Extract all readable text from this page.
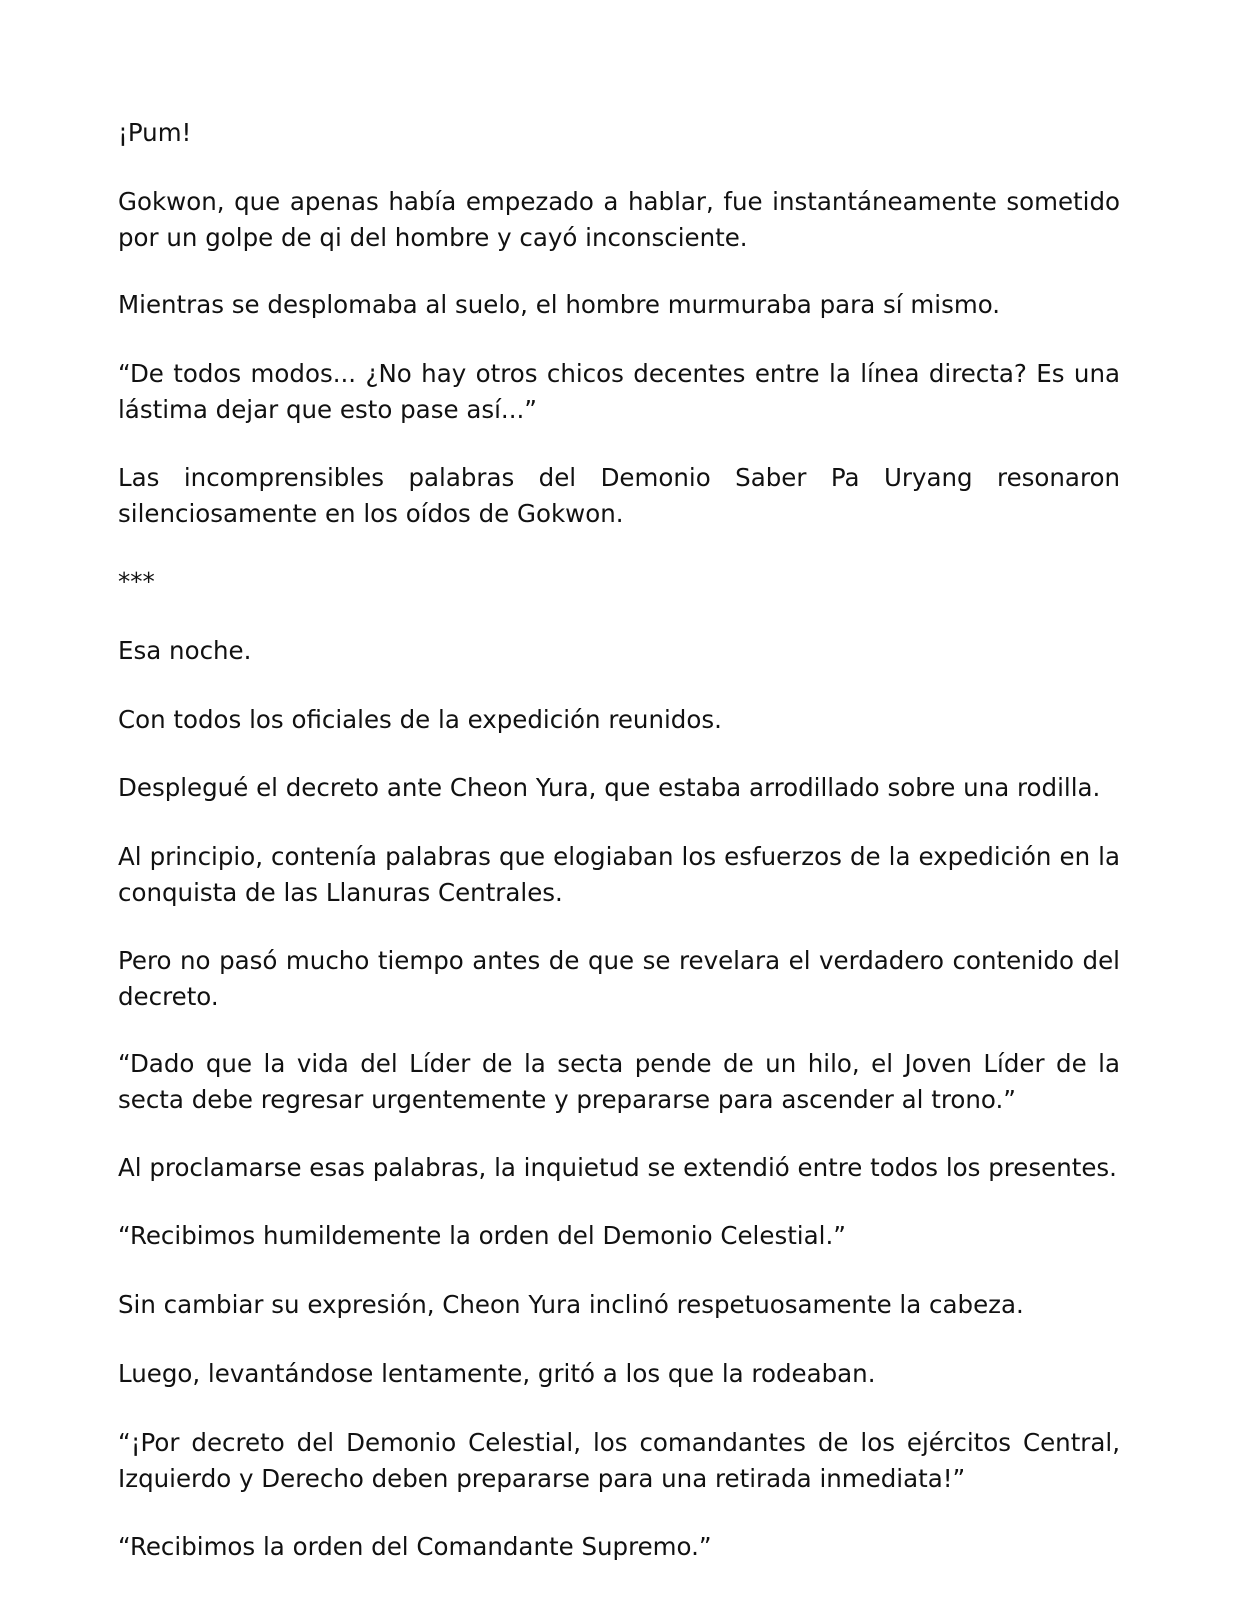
¡Pum!

Gokwon, que apenas había empezado a hablar, fue instantáneamente sometido por un golpe de qi del hombre y cayó inconsciente.

Mientras se desplomaba al suelo, el hombre murmuraba para sí mismo.

“De todos modos... ¿No hay otros chicos decentes entre la línea directa? Es una lástima dejar que esto pase así...”

Las incomprensibles palabras del Demonio Saber Pa Uryang resonaron silenciosamente en los oídos de Gokwon.

***

Esa noche.

Con todos los oficiales de la expedición reunidos.

Desplegué el decreto ante Cheon Yura, que estaba arrodillado sobre una rodilla.

Al principio, contenía palabras que elogiaban los esfuerzos de la expedición en la conquista de las Llanuras Centrales.

Pero no pasó mucho tiempo antes de que se revelara el verdadero contenido del decreto.

“Dado que la vida del Líder de la secta pende de un hilo, el Joven Líder de la secta debe regresar urgentemente y prepararse para ascender al trono.”

Al proclamarse esas palabras, la inquietud se extendió entre todos los presentes.

“Recibimos humildemente la orden del Demonio Celestial.”

Sin cambiar su expresión, Cheon Yura inclinó respetuosamente la cabeza.

Luego, levantándose lentamente, gritó a los que la rodeaban.

“¡Por decreto del Demonio Celestial, los comandantes de los ejércitos Central, Izquierdo y Derecho deben prepararse para una retirada inmediata!”

“Recibimos la orden del Comandante Supremo.”
